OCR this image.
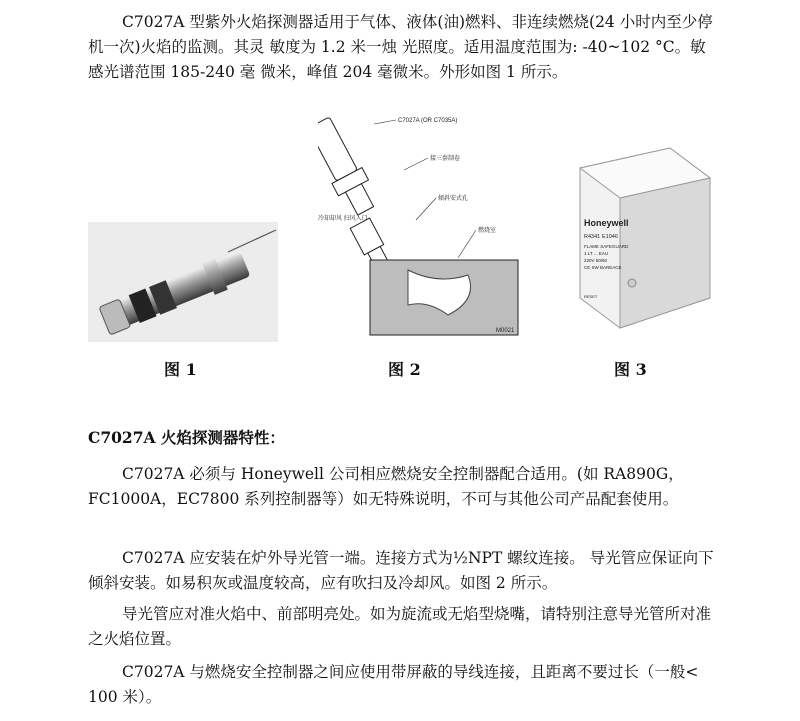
C7027A 型紫外火焰探测器适用于气体、液体(油)燃料、非连续燃烧(24 小时内至少停机一次)火焰的监测。其灵 敏度为 1.2 米一烛 光照度。适用温度范围为: -40~102 °C。敏感光谱范围 185-240 毫 微米，峰值 204 毫微米。外形如图 1 所示。

C7027A (OR C7035A)
接三套制卷
傾斜安式孔
冷却却风 扫风入口
燃烧室
M0021
Honeywell
R4341 E1046
FLAME SAFEGUARD
1 LT ... EAU
220V 50/60
CE SW BAREACE
RESET
图 1	图 2	图 3
C7027A 火焰探测器特性：

C7027A 必须与 Honeywell 公司相应燃烧安全控制器配合适用。(如 RA890G，FC1000A，EC7800 系列控制器等）如无特殊说明，不可与其他公司产品配套使用。

C7027A 应安装在炉外导光管一端。连接方式为½NPT 螺纹连接。 导光管应保证向下倾斜安装。如易积灰或温度较高，应有吹扫及冷却风。如图 2 所示。

导光管应对准火焰中、前部明亮处。如为旋流或无焰型烧嘴，请特别注意导光管所对准之火焰位置。

C7027A 与燃烧安全控制器之间应使用带屏蔽的导线连接，且距离不要过长（一般< 100 米）。
